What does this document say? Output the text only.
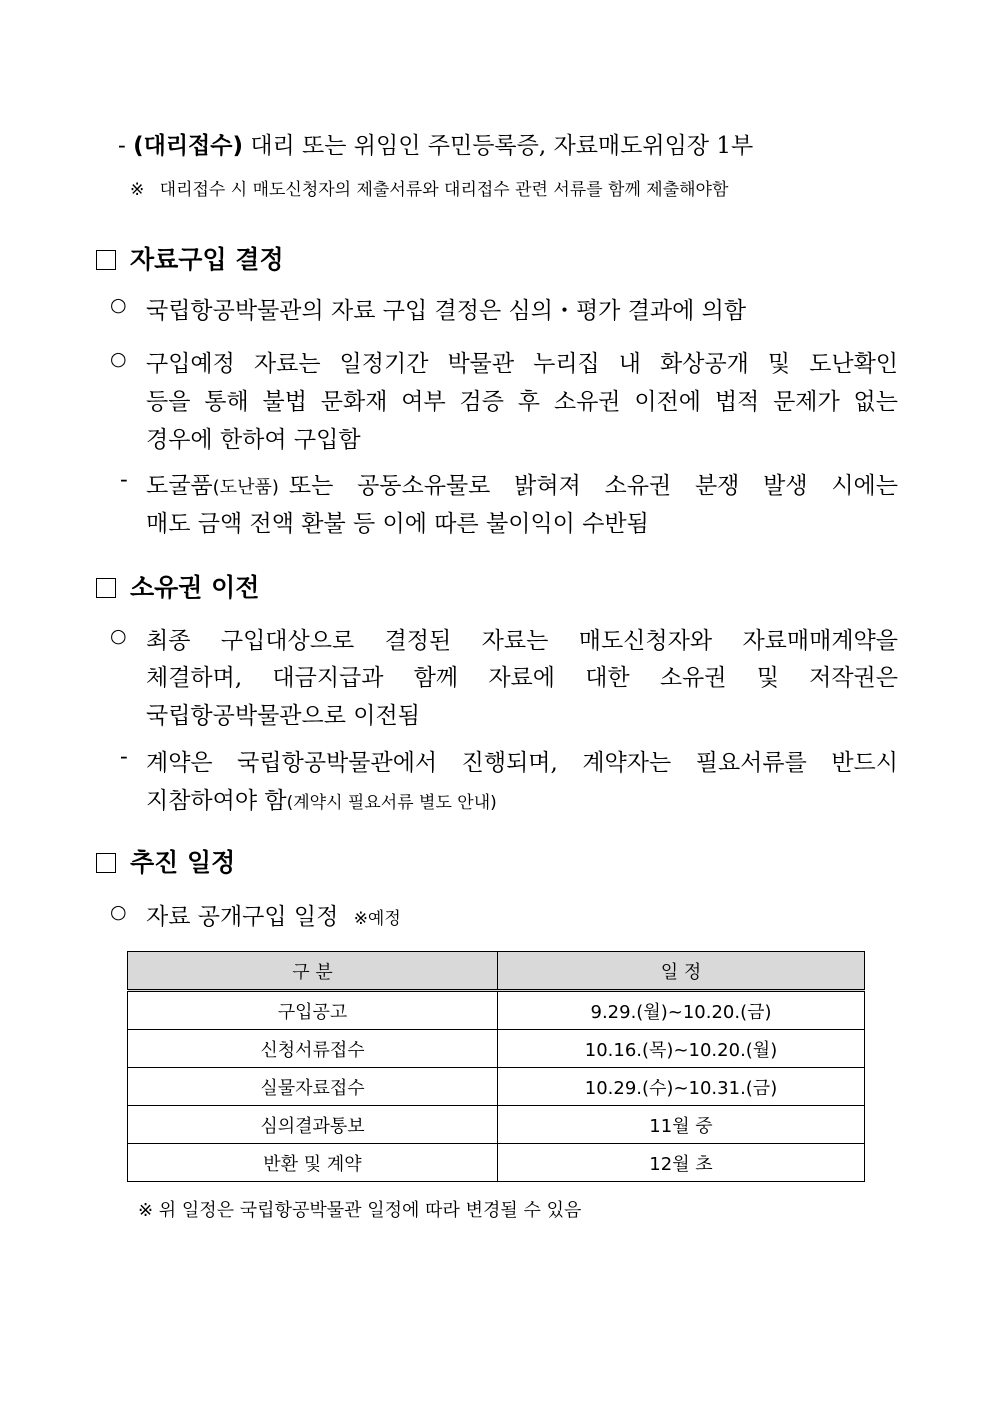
- (대리접수) 대리 또는 위임인 주민등록증, 자료매도위임장 1부
※ 대리접수 시 매도신청자의 제출서류와 대리접수 관련 서류를 함께 제출해야함
자료구입 결정
○ 국립항공박물관의 자료 구입 결정은 심의・평가 결과에 의함
○ 구입예정 자료는 일정기간 박물관 누리집 내 화상공개 및 도난확인
등을 통해 불법 문화재 여부 검증 후 소유권 이전에 법적 문제가 없는
경우에 한하여 구입함
- 도굴품 (도난품) 또는 공동소유물로 밝혀져 소유권 분쟁 발생 시에는
매도 금액 전액 환불 등 이에 따른 불이익이 수반됨
소유권 이전
○ 최종 구입대상으로 결정된 자료는 매도신청자와 자료매매계약을
체결하며, 대금지급과 함께 자료에 대한 소유권 및 저작권은
국립항공박물관으로 이전됨
- 계약은 국립항공박물관에서 진행되며, 계약자는 필요서류를 반드시
지참하여야 함(계약시 필요서류 별도 안내)
추진 일정
○ 자료 공개구입 일정 ※예정
구 분	일 정
구입공고	9.29.(월)~10.20.(금)
신청서류접수	10.16.(목)~10.20.(월)
실물자료접수	10.29.(수)~10.31.(금)
심의결과통보	11월 중
반환 및 계약	12월 초
※ 위 일정은 국립항공박물관 일정에 따라 변경될 수 있음
